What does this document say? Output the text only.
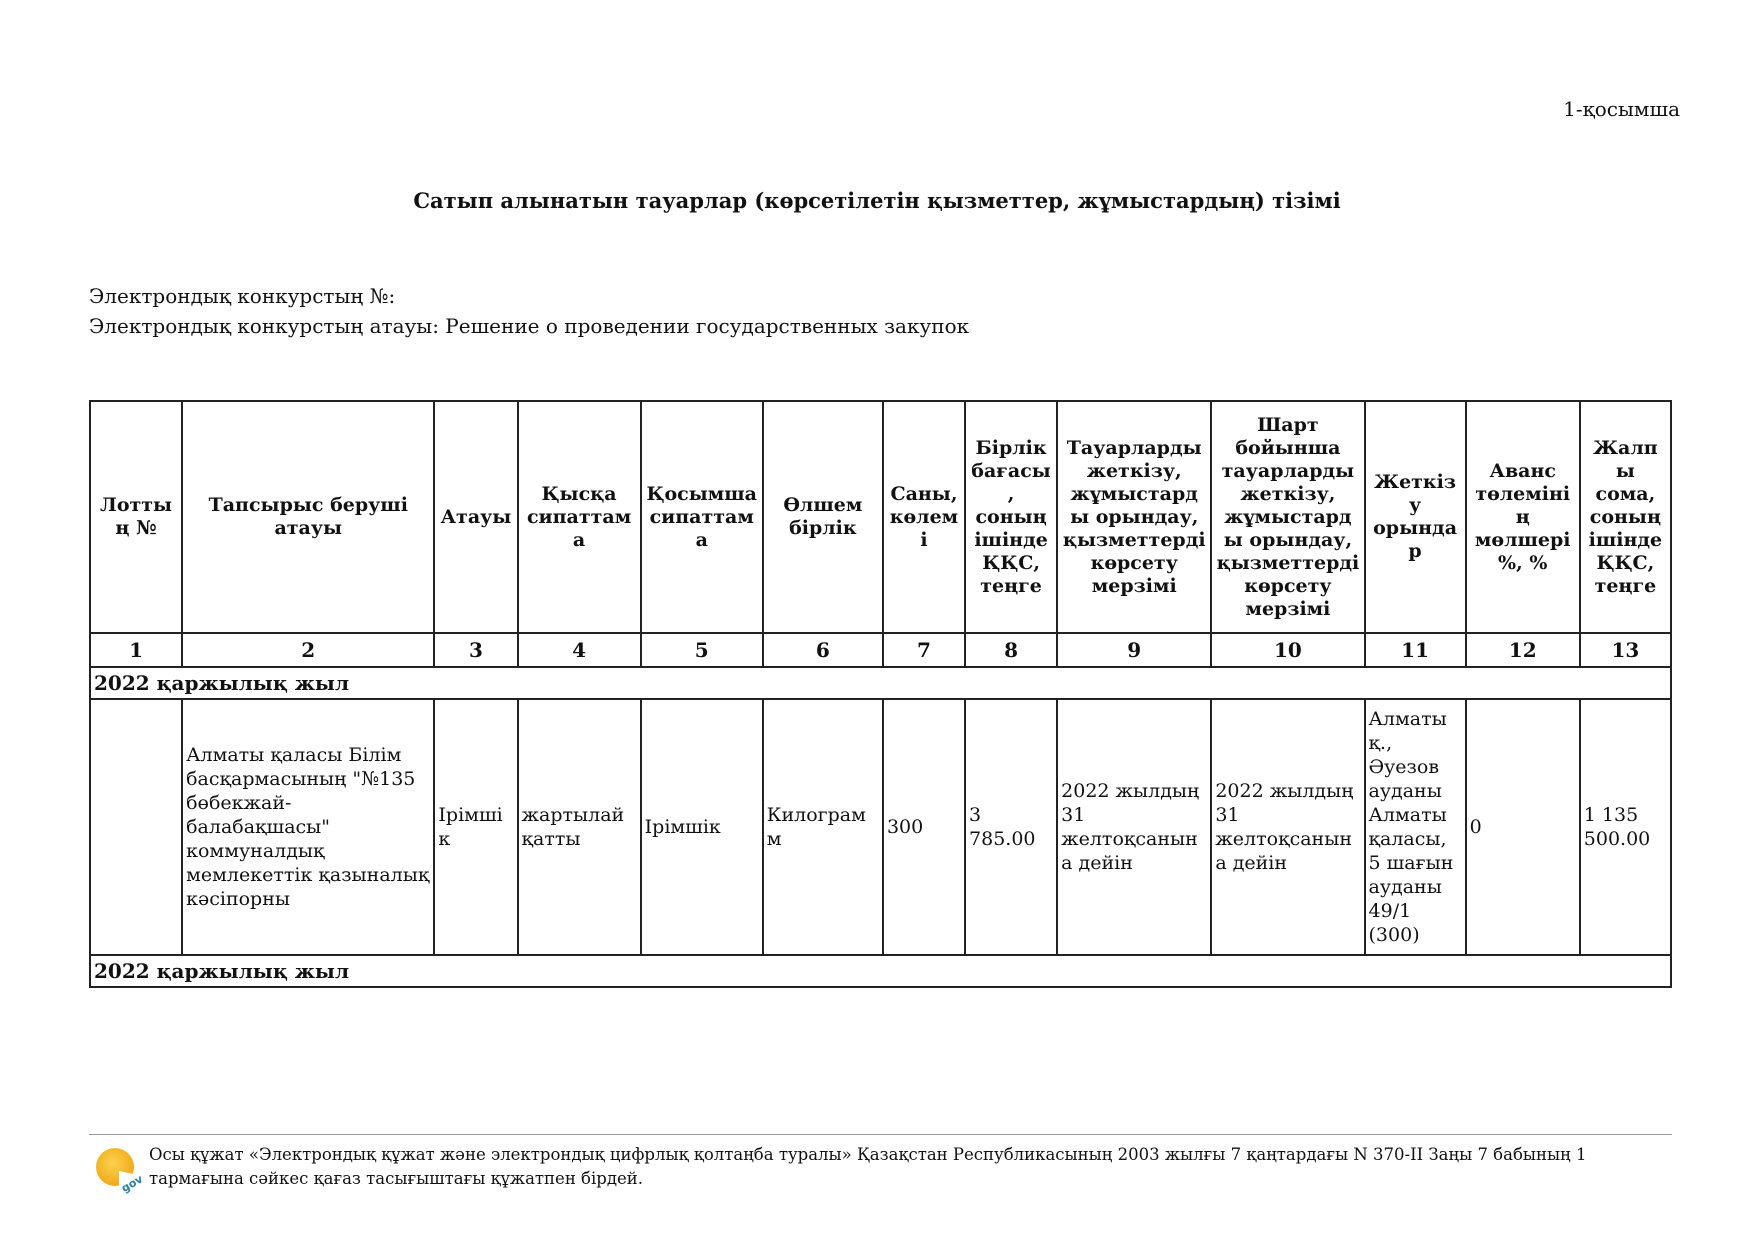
1-қосымша
Сатып алынатын тауарлар (көрсетілетін қызметтер, жұмыстардың) тізімі
Электрондық конкурстың №:
Электрондық конкурстың атауы: Решение о проведении государственных закупок
Лоттың №	Тапсырыс беруші атауы	Атауы	Қысқа сипаттама	Қосымша сипаттама	Өлшем бірлік	Саны, көлемі	Бірлік бағасы, соның ішінде ҚҚС, теңге	Тауарларды жеткізу, жұмыстарды орындау, қызметтерді көрсету мерзімі	Шарт бойынша тауарларды жеткізу, жұмыстарды орындау, қызметтерді көрсету мерзімі	Жеткізу орындар	Аванс төлемінің мөлшері %, %	Жалпы сома, соның ішінде ҚҚС, теңге
1	2	3	4	5	6	7	8	9	10	11	12	13
2022 қаржылық жыл												
	Алматы қаласы Білім басқармасының "№135 бөбекжай-балабақшасы" коммуналдық мемлекеттік қазыналық кәсіпорны	Ірімшік	жартылай қатты	Ірімшік	Килограмм	300	3 785.00	2022 жылдың 31 желтоқсанына дейін	2022 жылдың 31 желтоқсанына дейін	Алматы қ., Әуезов ауданы Алматы қаласы, 5 шағын ауданы 49/1 (300)	0	1 135 500.00
2022 қаржылық жыл												
gov
Осы құжат «Электрондық құжат және электрондық цифрлық қолтаңба туралы» Қазақстан Республикасының 2003 жылғы 7 қаңтардағы N 370-II Заңы 7 бабының 1 тармағына сәйкес қағаз тасығыштағы құжатпен бірдей.
